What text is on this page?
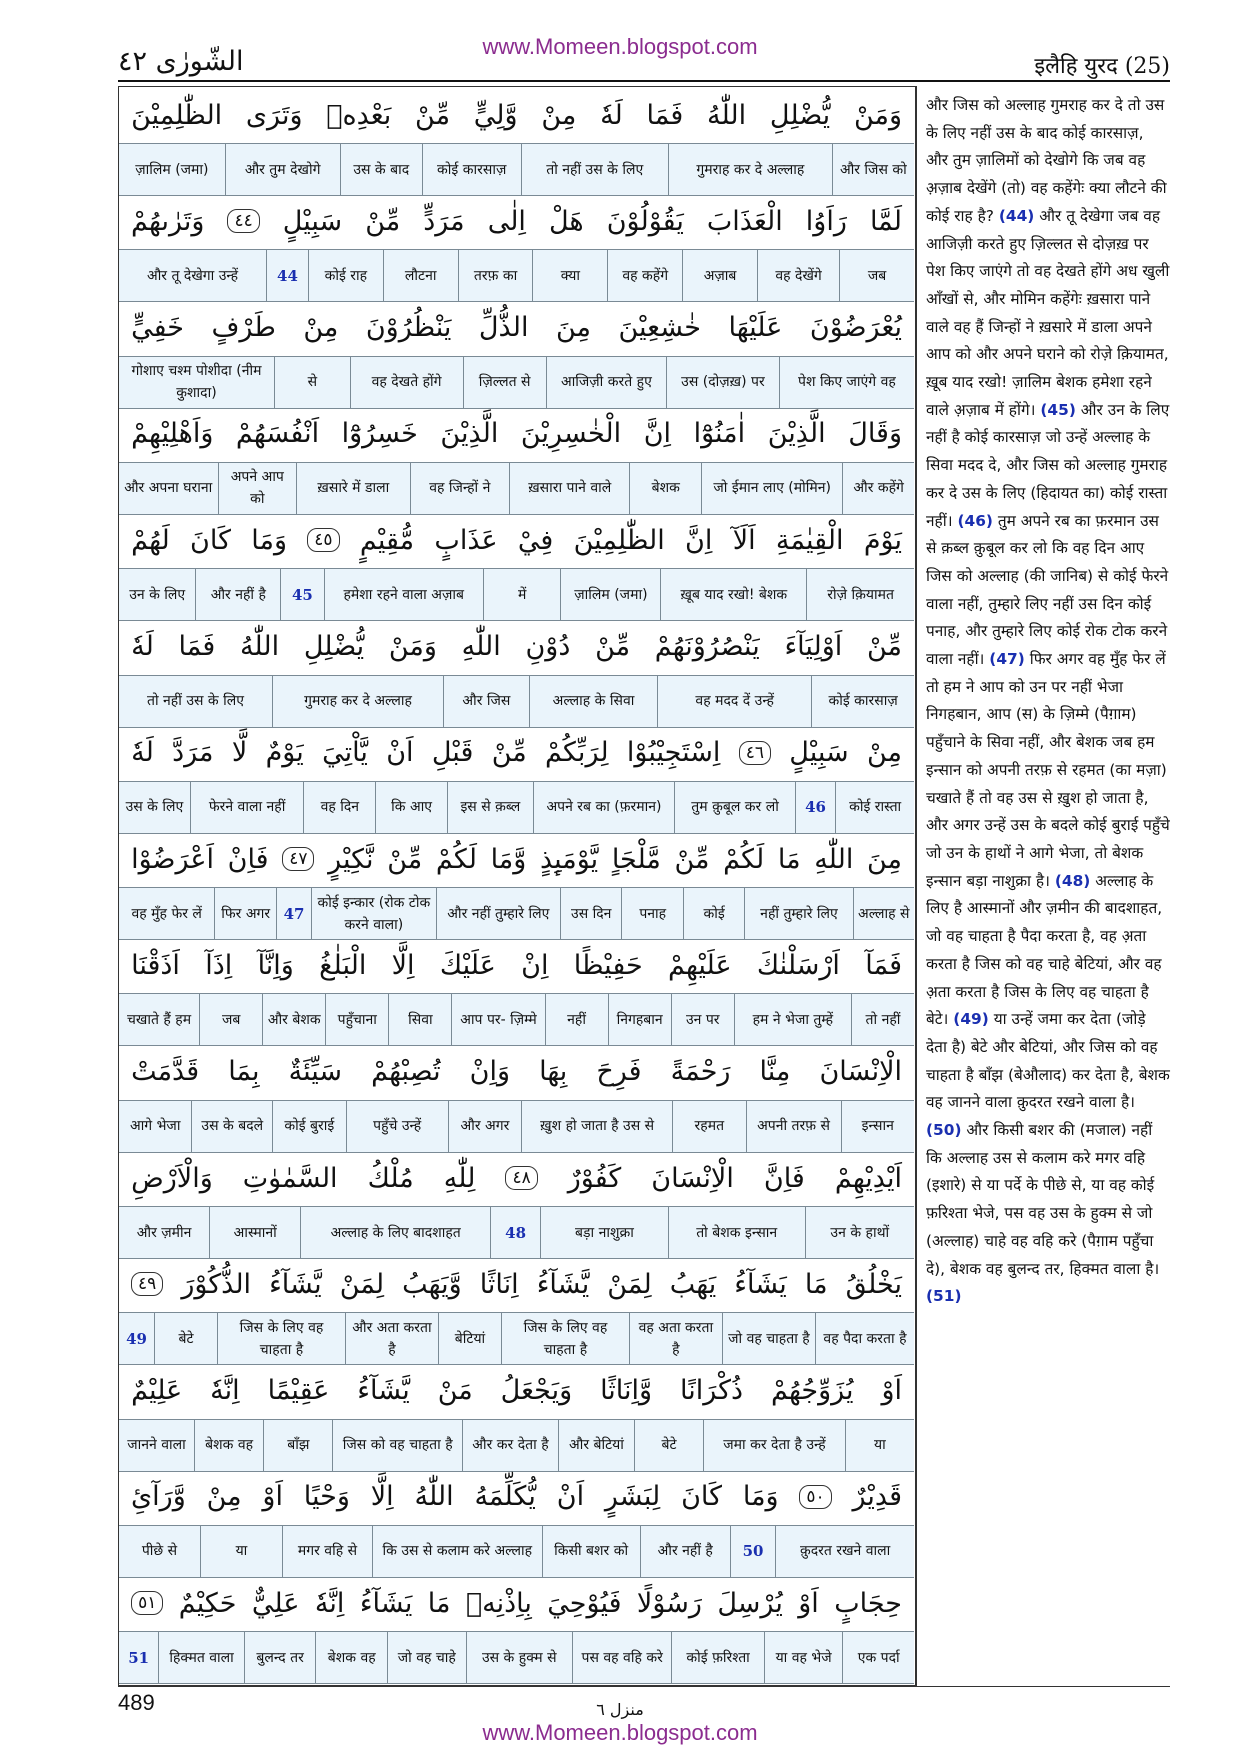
الشّورٰی ٤٢	www.Momeen.blogspot.com
इलैहि युरद (25)
وَمَنْ
يُّضْلِلِ
اللّٰهُ
فَمَا
لَهٗ
مِنْ
وَّلِيٍّ
مِّنْ
بَعْدِهٖ
وَتَرَى
الظّٰلِمِيْنَ
और जिस को
गुमराह कर दे अल्लाह
तो नहीं उस के लिए
कोई कारसाज़
उस के बाद
और तुम देखोगे
ज़ालिम (जमा)
لَمَّا
رَاَوُا
الْعَذَابَ
يَقُوْلُوْنَ
هَلْ
اِلٰى
مَرَدٍّ
مِّنْ
سَبِيْلٍ
٤٤
وَتَرٰٮهُمْ
जब
वह देखेंगे
अज़ाब
वह कहेंगे
क्या
तरफ़ का
लौटना
कोई राह
44
और तू देखेगा उन्हें
يُعْرَضُوْنَ
عَلَيْهَا
خٰشِعِيْنَ
مِنَ
الذُّلِّ
يَنْظُرُوْنَ
مِنْ
طَرْفٍ
خَفِيٍّ
पेश किए जाएंगे वह
उस (दोज़ख़) पर
आजिज़ी करते हुए
ज़िल्लत से
वह देखते होंगे
से
गोशाए चश्म पोशीदा (नीम कुशादा)
وَقَالَ
الَّذِيْنَ
اٰمَنُوْٓا
اِنَّ
الْخٰسِرِيْنَ
الَّذِيْنَ
خَسِرُوْٓا
اَنْفُسَهُمْ
وَاَهْلِيْهِمْ
और कहेंगे
जो ईमान लाए (मोमिन)
बेशक
ख़सारा पाने वाले
वह जिन्हों ने
ख़सारे में डाला
अपने आप को
और अपना घराना
يَوْمَ
الْقِيٰمَةِ
اَلَآ
اِنَّ
الظّٰلِمِيْنَ
فِيْ
عَذَابٍ
مُّقِيْمٍ
٤٥
وَمَا
كَانَ
لَهُمْ
रोज़े क़ियामत
ख़ूब याद रखो! बेशक
ज़ालिम (जमा)
में
हमेशा रहने वाला अज़ाब
45
और नहीं है
उन के लिए
مِّنْ
اَوْلِيَآءَ
يَنْصُرُوْنَهُمْ
مِّنْ
دُوْنِ
اللّٰهِ
وَمَنْ
يُّضْلِلِ
اللّٰهُ
فَمَا
لَهٗ
कोई कारसाज़
वह मदद दें उन्हें
अल्लाह के सिवा
और जिस
गुमराह कर दे अल्लाह
तो नहीं उस के लिए
مِنْ
سَبِيْلٍ
٤٦
اِسْتَجِيْبُوْا
لِرَبِّكُمْ
مِّنْ
قَبْلِ
اَنْ
يَّاْتِيَ
يَوْمٌ
لَّا
مَرَدَّ
لَهٗ
कोई रास्ता
46
तुम क़ुबूल कर लो
अपने रब का (फ़रमान)
इस से क़ब्ल
कि आए
वह दिन
फेरने वाला नहीं
उस के लिए
مِنَ
اللّٰهِ
مَا
لَكُمْ
مِّنْ
مَّلْجَاٍ
يَّوْمَىِٕذٍ
وَّمَا
لَكُمْ
مِّنْ
نَّكِيْرٍ
٤٧
فَاِنْ
اَعْرَضُوْا
अल्लाह से
नहीं तुम्हारे लिए
कोई
पनाह
उस दिन
और नहीं तुम्हारे लिए
कोई इन्कार (रोक टोक करने वाला)
47
फिर अगर
वह मुँह फेर लें
فَمَآ
اَرْسَلْنٰكَ
عَلَيْهِمْ
حَفِيْظًا
اِنْ
عَلَيْكَ
اِلَّا
الْبَلٰغُ
وَاِنَّآ
اِذَآ
اَذَقْنَا
तो नहीं
हम ने भेजा तुम्हें
उन पर
निगहबान
नहीं
आप पर- ज़िम्मे
सिवा
पहुँचाना
और बेशक
जब
चखाते हैं हम
الْاِنْسَانَ
مِنَّا
رَحْمَةً
فَرِحَ
بِهَا
وَاِنْ
تُصِبْهُمْ
سَيِّئَةٌ
بِمَا
قَدَّمَتْ
इन्सान
अपनी तरफ़ से
रहमत
ख़ुश हो जाता है उस से
और अगर
पहुँचे उन्हें
कोई बुराई
उस के बदले
आगे भेजा
اَيْدِيْهِمْ
فَاِنَّ
الْاِنْسَانَ
كَفُوْرٌ
٤٨
لِلّٰهِ
مُلْكُ
السَّمٰوٰتِ
وَالْاَرْضِ
उन के हाथों
तो बेशक इन्सान
बड़ा नाशुक्रा
48
अल्लाह के लिए बादशाहत
आस्मानों
और ज़मीन
يَخْلُقُ
مَا
يَشَآءُ
يَهَبُ
لِمَنْ
يَّشَآءُ
اِنَاثًا
وَّيَهَبُ
لِمَنْ
يَّشَآءُ
الذُّكُوْرَ
٤٩
वह पैदा करता है
जो वह चाहता है
वह अता करता है
जिस के लिए वह चाहता है
बेटियां
और अता करता है
जिस के लिए वह चाहता है
बेटे
49
اَوْ
يُزَوِّجُهُمْ
ذُكْرَانًا
وَّاِنَاثًا
وَيَجْعَلُ
مَنْ
يَّشَآءُ
عَقِيْمًا
اِنَّهٗ
عَلِيْمٌ
या
जमा कर देता है उन्हें
बेटे
और बेटियां
और कर देता है
जिस को वह चाहता है
बाँझ
बेशक वह
जानने वाला
قَدِيْرٌ
٥٠
وَمَا
كَانَ
لِبَشَرٍ
اَنْ
يُّكَلِّمَهُ
اللّٰهُ
اِلَّا
وَحْيًا
اَوْ
مِنْ
وَّرَآئِ
क़ुदरत रखने वाला
50
और नहीं है
किसी बशर को
कि उस से कलाम करे अल्लाह
मगर वहि से
या
पीछे से
حِجَابٍ
اَوْ
يُرْسِلَ
رَسُوْلًا
فَيُوْحِيَ
بِاِذْنِهٖ
مَا
يَشَآءُ
اِنَّهٗ
عَلِيٌّ
حَكِيْمٌ
٥١
एक पर्दा
या वह भेजे
कोई फ़रिश्ता
पस वह वहि करे
उस के हुक्म से
जो वह चाहे
बेशक वह
बुलन्द तर
हिक्मत वाला
51
और जिस को अल्लाह गुमराह कर दे तो उस के लिए नहीं उस के बाद कोई कारसाज़, और तुम ज़ालिमों को देखोगे कि जब वह अ़ज़ाब देखेंगे (तो) वह कहेंगेः क्या लौटने की कोई राह है? (44) और तू देखेगा जब वह आजिज़ी करते हुए ज़िल्लत से दोज़ख़ पर पेश किए जाएंगे तो वह देखते होंगे अध खुली आँखों से, और मोमिन कहेंगेः ख़सारा पाने वाले वह हैं जिन्हों ने ख़सारे में डाला अपने आप को और अपने घराने को रोज़े क़ियामत, ख़ूब याद रखो! ज़ालिम बेशक हमेशा रहने वाले अ़ज़ाब में होंगे। (45) और उन के लिए नहीं है कोई कारसाज़ जो उन्हें अल्लाह के सिवा मदद दे, और जिस को अल्लाह गुमराह कर दे उस के लिए (हिदायत का) कोई रास्ता नहीं। (46) तुम अपने रब का फ़रमान उस से क़ब्ल क़ुबूल कर लो कि वह दिन आए जिस को अल्लाह (की जानिब) से कोई फेरने वाला नहीं, तुम्हारे लिए नहीं उस दिन कोई पनाह, और तुम्हारे लिए कोई रोक टोक करने वाला नहीं। (47) फिर अगर वह मुँह फेर लें तो हम ने आप को उन पर नहीं भेजा निगहबान, आप (स) के ज़िम्मे (पैग़ाम) पहुँचाने के सिवा नहीं, और बेशक जब हम इन्सान को अपनी तरफ़ से रहमत (का मज़ा) चखाते हैं तो वह उस से ख़ुश हो जाता है, और अगर उन्हें उस के बदले कोई बुराई पहुँचे जो उन के हाथों ने आगे भेजा, तो बेशक इन्सान बड़ा नाशुक्रा है। (48) अल्लाह के लिए है आस्मानों और ज़मीन की बादशाहत, जो वह चाहता है पैदा करता है, वह अ़ता करता है जिस को वह चाहे बेटियां, और वह अ़ता करता है जिस के लिए वह चाहता है बेटे। (49) या उन्हें जमा कर देता (जोड़े देता है) बेटे और बेटियां, और जिस को वह चाहता है बाँझ (बेऔलाद) कर देता है, बेशक वह जानने वाला क़ुदरत रखने वाला है। (50) और किसी बशर की (मजाल) नहीं कि अल्लाह उस से कलाम करे मगर वहि (इशारे) से या पर्दे के पीछे से, या वह कोई फ़रिश्ता भेजे, पस वह उस के हुक्म से जो (अल्लाह) चाहे वह वहि करे (पैग़ाम पहुँचा दे), बेशक वह बुलन्द तर, हिक्मत वाला है। (51)
489	منزل ٦
www.Momeen.blogspot.com
